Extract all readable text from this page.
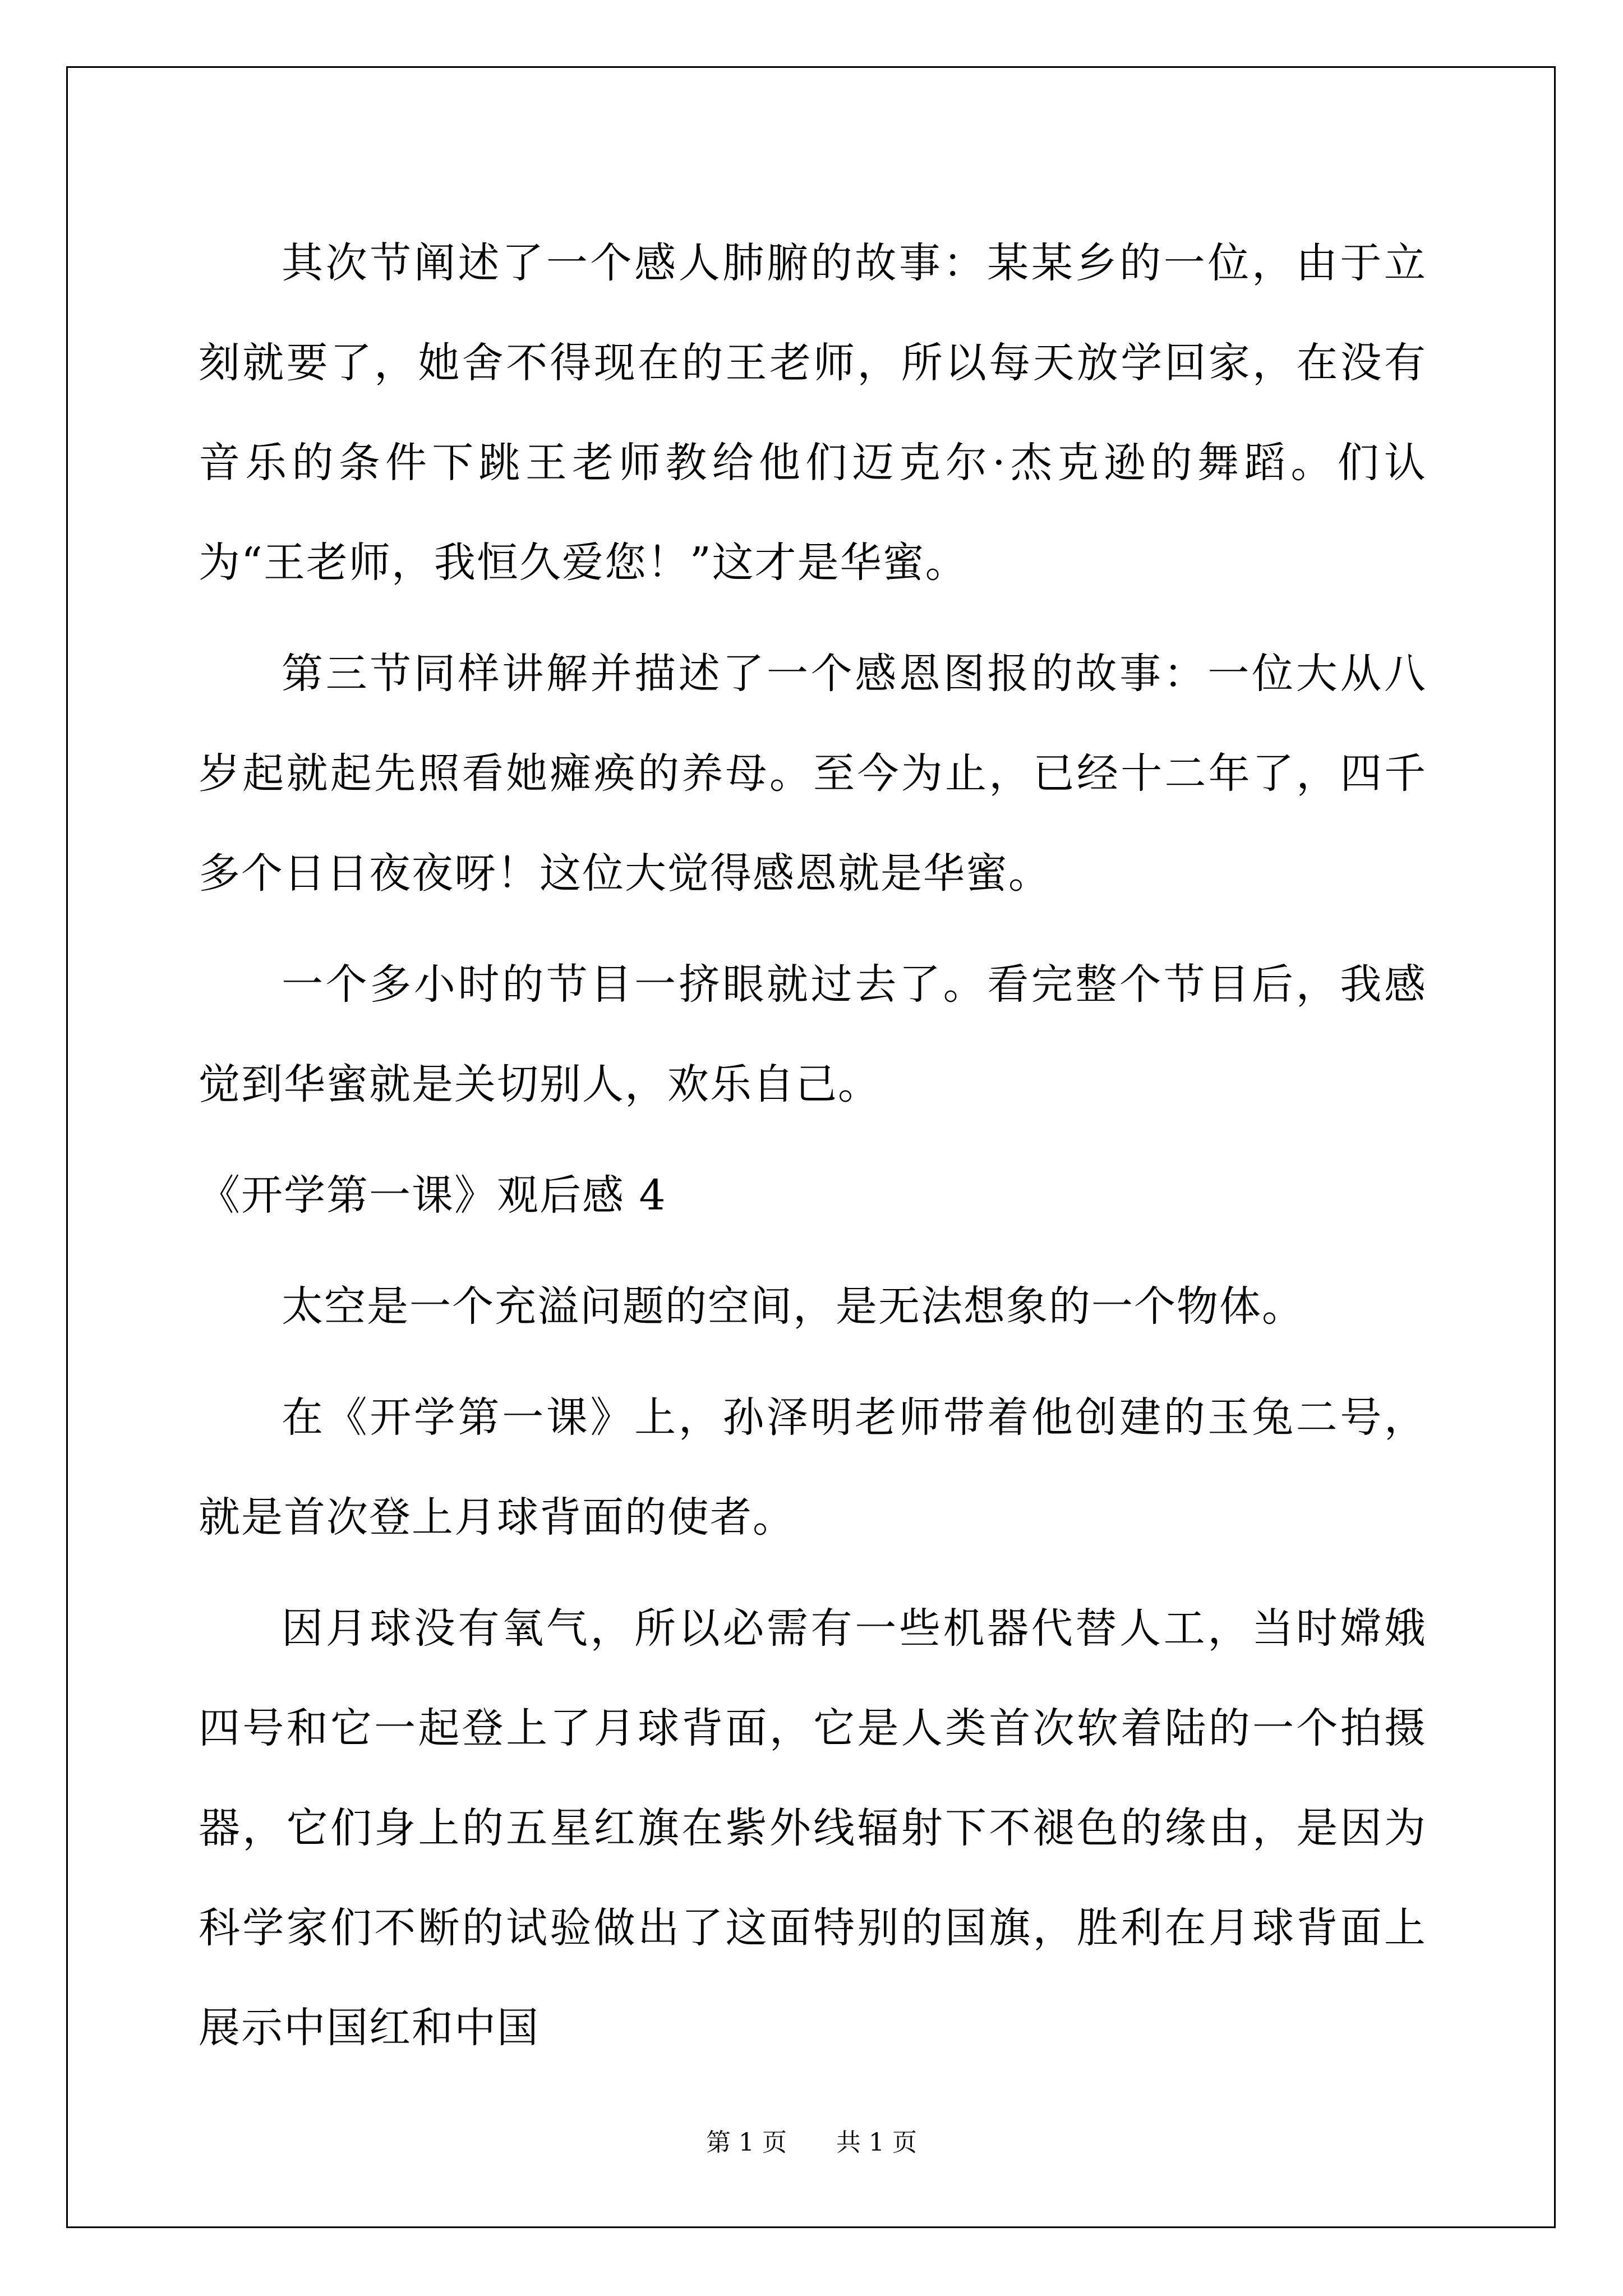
其次节阐述了一个感人肺腑的故事：某某乡的一位，由于立刻就要了，她舍不得现在的王老师，所以每天放学回家，在没有音乐的条件下跳王老师教给他们迈克尔·杰克逊的舞蹈。们认为“王老师，我恒久爱您！”这才是华蜜。

第三节同样讲解并描述了一个感恩图报的故事：一位大从八岁起就起先照看她瘫痪的养母。至今为止，已经十二年了，四千多个日日夜夜呀！这位大觉得感恩就是华蜜。

一个多小时的节目一挤眼就过去了。看完整个节目后，我感觉到华蜜就是关切别人，欢乐自己。

《开学第一课》观后感 4

太空是一个充溢问题的空间，是无法想象的一个物体。

在《开学第一课》上，孙泽明老师带着他创建的玉兔二号，就是首次登上月球背面的使者。

因月球没有氧气，所以必需有一些机器代替人工，当时嫦娥四号和它一起登上了月球背面，它是人类首次软着陆的一个拍摄器，它们身上的五星红旗在紫外线辐射下不褪色的缘由，是因为科学家们不断的试验做出了这面特别的国旗，胜利在月球背面上展示中国红和中国

第 1 页 共 1 页
